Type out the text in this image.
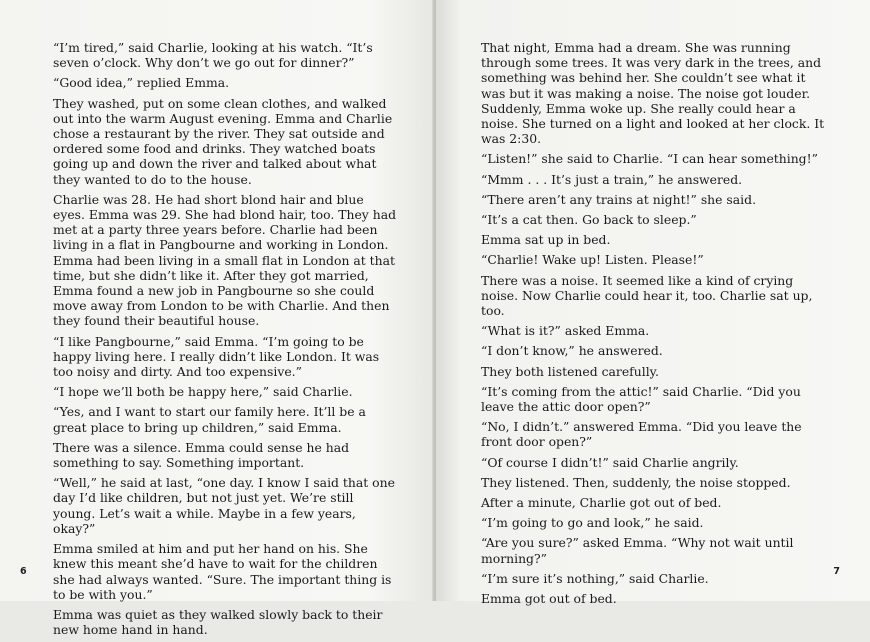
“I’m tired,” said Charlie, looking at his watch. “It’s seven o’clock. Why don’t we go out for dinner?”

“Good idea,” replied Emma.

They washed, put on some clean clothes, and walked out into the warm August evening. Emma and Charlie chose a restaurant by the river. They sat outside and ordered some food and drinks. They watched boats going up and down the river and talked about what they wanted to do to the house.

Charlie was 28. He had short blond hair and blue eyes. Emma was 29. She had blond hair, too. They had met at a party three years before. Charlie had been living in a flat in Pangbourne and working in London. Emma had been living in a small flat in London at that time, but she didn’t like it. After they got married, Emma found a new job in Pangbourne so she could move away from London to be with Charlie. And then they found their beautiful house.

“I like Pangbourne,” said Emma. “I’m going to be happy living here. I really didn’t like London. It was too noisy and dirty. And too expensive.”

“I hope we’ll both be happy here,” said Charlie.

“Yes, and I want to start our family here. It’ll be a great place to bring up children,” said Emma.

There was a silence. Emma could sense he had something to say. Something important.

“Well,” he said at last, “one day. I know I said that one day I’d like children, but not just yet. We’re still young. Let’s wait a while. Maybe in a few years, okay?”

Emma smiled at him and put her hand on his. She knew this meant she’d have to wait for the children she had always wanted. “Sure. The important thing is to be with you.”

Emma was quiet as they walked slowly back to their new home hand in hand.

6

That night, Emma had a dream. She was running through some trees. It was very dark in the trees, and something was behind her. She couldn’t see what it was but it was making a noise. The noise got louder. Suddenly, Emma woke up. She really could hear a noise. She turned on a light and looked at her clock. It was 2:30.

“Listen!” she said to Charlie. “I can hear something!”

“Mmm . . . It’s just a train,” he answered.

“There aren’t any trains at night!” she said.

“It’s a cat then. Go back to sleep.”

Emma sat up in bed.

“Charlie! Wake up! Listen. Please!”

There was a noise. It seemed like a kind of crying noise. Now Charlie could hear it, too. Charlie sat up, too.

“What is it?” asked Emma.

“I don’t know,” he answered.

They both listened carefully.

“It’s coming from the attic!” said Charlie. “Did you leave the attic door open?”

“No, I didn’t.” answered Emma. “Did you leave the front door open?”

“Of course I didn’t!” said Charlie angrily.

They listened. Then, suddenly, the noise stopped.

After a minute, Charlie got out of bed.

“I’m going to go and look,” he said.

“Are you sure?” asked Emma. “Why not wait until morning?”

“I’m sure it’s nothing,” said Charlie.

Emma got out of bed.

7
